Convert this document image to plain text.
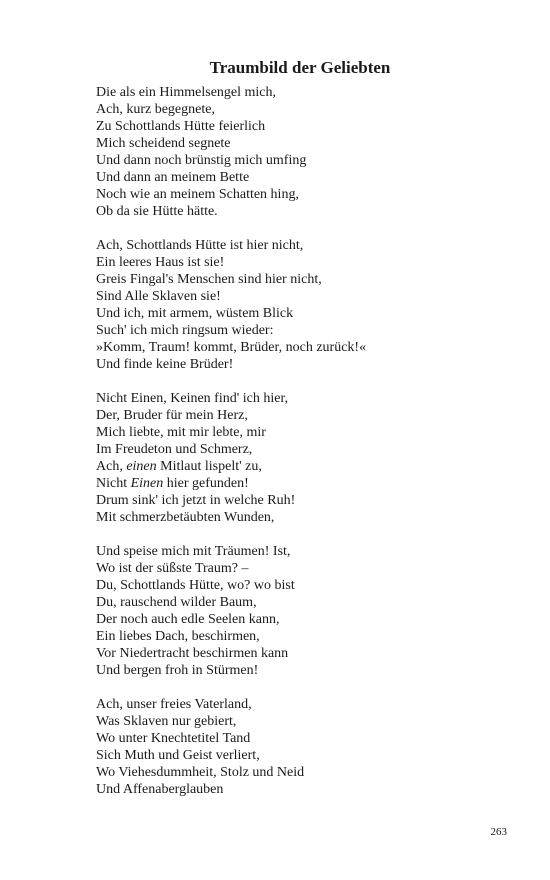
Traumbild der Geliebten
Die als ein Himmelsengel mich,
Ach, kurz begegnete,
Zu Schottlands Hütte feierlich
Mich scheidend segnete
Und dann noch brünstig mich umfing
Und dann an meinem Bette
Noch wie an meinem Schatten hing,
Ob da sie Hütte hätte.
Ach, Schottlands Hütte ist hier nicht,
Ein leeres Haus ist sie!
Greis Fingal's Menschen sind hier nicht,
Sind Alle Sklaven sie!
Und ich, mit armem, wüstem Blick
Such' ich mich ringsum wieder:
»Komm, Traum! kommt, Brüder, noch zurück!«
Und finde keine Brüder!
Nicht Einen, Keinen find' ich hier,
Der, Bruder für mein Herz,
Mich liebte, mit mir lebte, mir
Im Freudeton und Schmerz,
Ach, einen Mitlaut lispelt' zu,
Nicht Einen hier gefunden!
Drum sink' ich jetzt in welche Ruh!
Mit schmerzbetäubten Wunden,
Und speise mich mit Träumen! Ist,
Wo ist der süßste Traum? –
Du, Schottlands Hütte, wo? wo bist
Du, rauschend wilder Baum,
Der noch auch edle Seelen kann,
Ein liebes Dach, beschirmen,
Vor Niedertracht beschirmen kann
Und bergen froh in Stürmen!
Ach, unser freies Vaterland,
Was Sklaven nur gebiert,
Wo unter Knechtetitel Tand
Sich Muth und Geist verliert,
Wo Viehesdummheit, Stolz und Neid
Und Affenaberglauben
263
